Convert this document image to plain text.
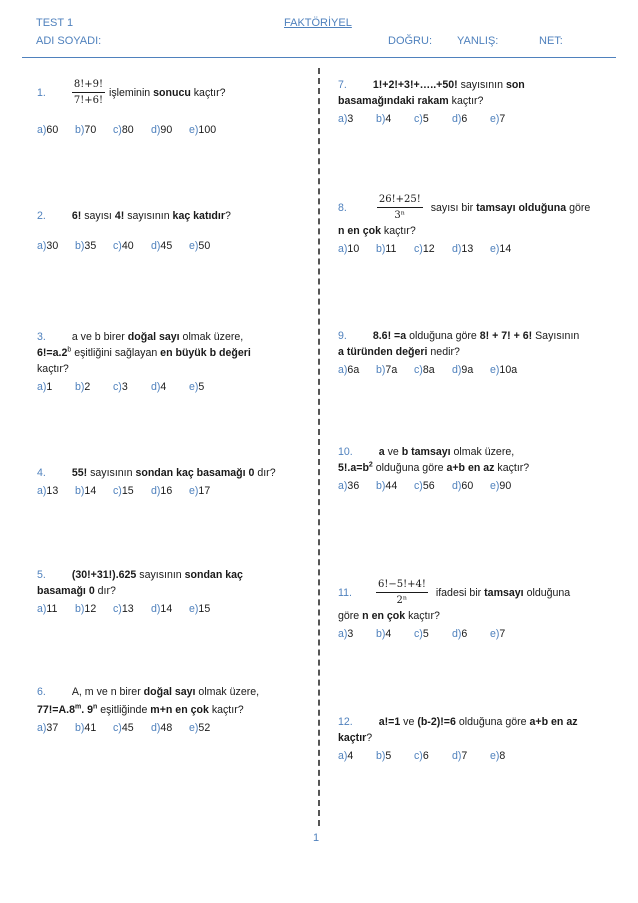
TEST 1	FAKTÖRİYEL
ADI SOYADI:	DOĞRU: YANLIŞ:	NET:
1.	$\frac{8!+9!}{7!+6!}$ işleminin sonucu kaçtır?
a)60	b)70	c)80	d)90	e)100
2. 6! sayısı 4! sayısının kaç katıdır?
a)30	b)35	c)40	d)45	e)50
3. a ve b birer doğal sayı olmak üzere,
6!=a.2$^b$ eşitliğini sağlayan en büyük b değeri
kaçtır?
a)1	b)2	c)3	d)4	e)5
4. 55! sayısının sondan kaç basamağı 0 dır?
a)13	b)14	c)15	d)16	e)17
5. (30!+31!).625 sayısının sondan kaç
basamağı 0 dır?
a)11	b)12	c)13	d)14	e)15
6. A, m ve n birer doğal sayı olmak üzere,
$77!=A.8^m$. 9$^n$ eşitliğinde m+n en çok kaçtır?
a)37	b)41	c)45	d)48	e)52
7. 1!+2!+3!+…..+50! sayısının son
basamağındaki rakam kaçtır?
a)3	b)4	c)5	d)6	e)7
8.	$\frac{26!+25!}{\text{3ⁿ}}$ sayısı bir tamsayı olduğuna göre
n en çok kaçtır?
a)10	b)11	c)12	d)13	e)14
9. 8.6! =a olduğuna göre 8! + 7! + 6! Sayısının
a türünden değeri nedir?
a)6a	b)7a	c)8a	d)9a	e)10a
10. a ve b tamsayı olmak üzere,
$5!.a=b^2$ olduğuna göre a+b en az kaçtır?
a)36	b)44	c)56	d)60	e)90
11. $\frac{6!-5!+4!}{\text{2ⁿ}}$ ifadesi bir tamsayı olduğuna
göre n en çok kaçtır?
a)3	b)4	c)5	d)6	e)7
12. a!=1 ve (b-2)!=6 olduğuna göre a+b en az
kaçtır?
a)4	b)5	c)6	d)7	e)8
1
